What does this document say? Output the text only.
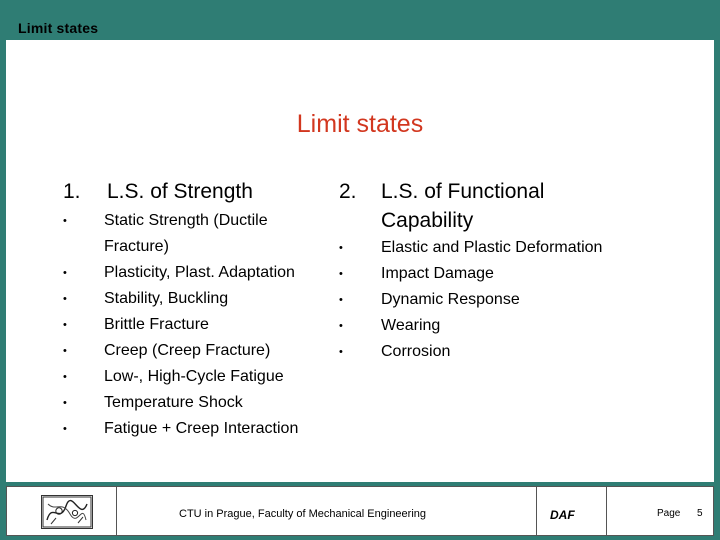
Limit states
Limit states
1. L.S. of Strength
• Static Strength (Ductile Fracture)
• Plasticity, Plast. Adaptation
• Stability, Buckling
• Brittle Fracture
• Creep (Creep Fracture)
• Low-, High-Cycle Fatigue
• Temperature Shock
• Fatigue + Creep Interaction
2. L.S. of Functional
Capability
• Elastic and Plastic Deformation
• Impact Damage
• Dynamic Response
• Wearing
• Corrosion
CTU in Prague, Faculty of Mechanical Engineering	DAF	Page 5
